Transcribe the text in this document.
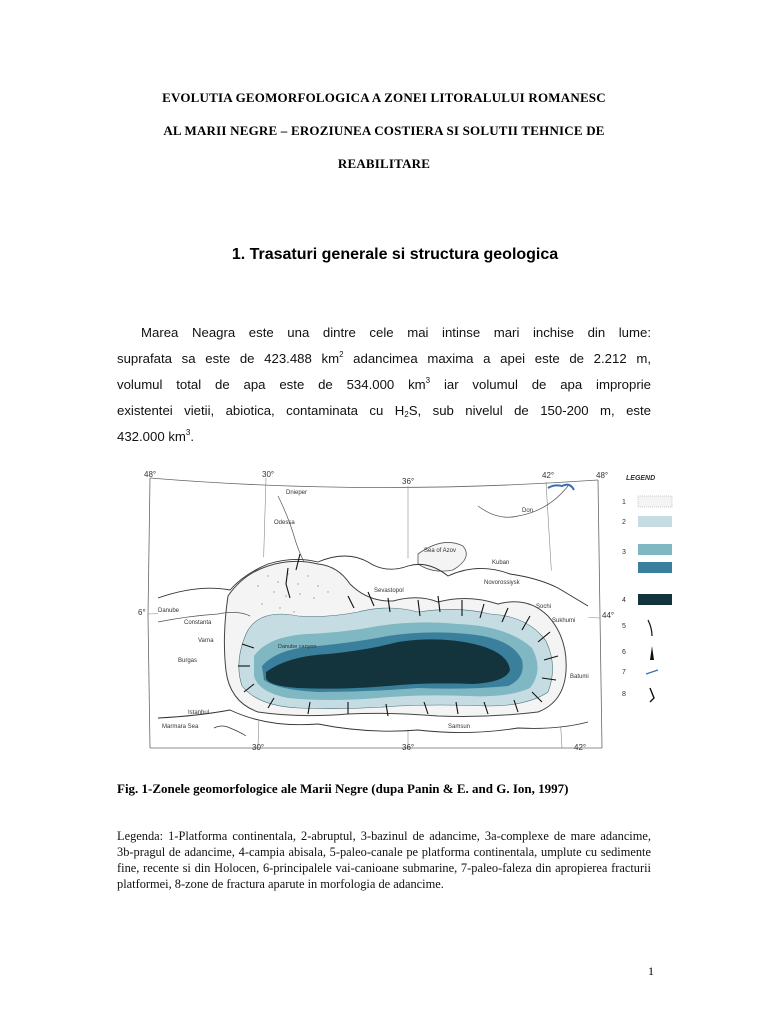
EVOLUTIA GEOMORFOLOGICA A ZONEI LITORALULUI ROMANESC
AL MARII NEGRE – EROZIUNEA COSTIERA SI SOLUTII TEHNICE DE
REABILITARE
1. Trasaturi generale si structura geologica
Marea Neagra este una dintre cele mai intinse mari inchise din lume:
suprafata sa este de 423.488 $km^2$ adancimea maxima a apei este de 2.212 m,
volumul total de apa este de 534.000 $km^3$ iar volumul de apa improprie
existentei vietii, abiotica, contaminata cu $H_2S$, sub nivelul de 150-200 m, este
432.000 $km^3$.
48°	30°
36°
42°	48°
30°	36°	42°
6°	44°
Dnieper
Odessa
Danube
Constanta
Varna
Burgas
Istanbul
Marmara Sea
Sevastopol
Novorossiysk
Sochi
Sukhumi
Batumi
Samsun
Sea of Azov
Kuban
Don
Danube canyon
LEGEND
1
2
3
4
5
6
7
8
Fig. 1-Zonele geomorfologice ale Marii Negre (dupa Panin & E. and G. Ion, 1997)
Legenda: 1-Platforma continentala, 2-abruptul, 3-bazinul de adancime, 3a-complexe de mare adancime, 3b-pragul de adancime, 4-campia abisala, 5-paleo-canale pe platforma continentala, umplute cu sedimente fine, recente si din Holocen, 6-principalele vai-canioane submarine, 7-paleo-faleza din apropierea fracturii platformei, 8-zone de fractura aparute in morfologia de adancime.
1
